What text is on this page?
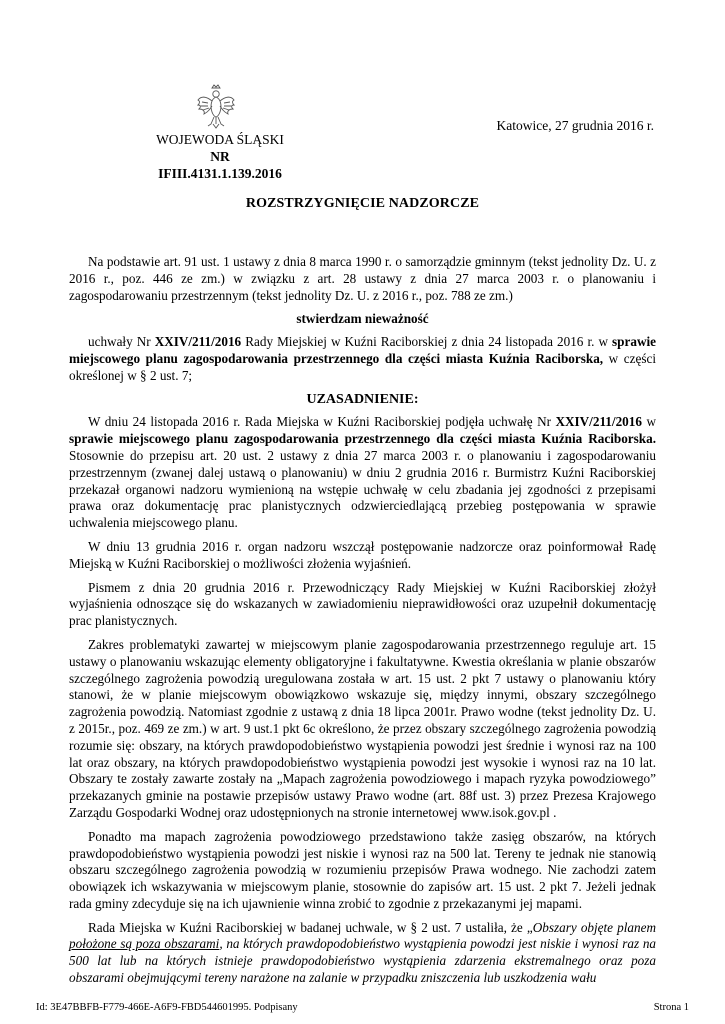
WOJEWODA ŚLĄSKI
NR IFIII.4131.1.139.2016
Katowice, 27 grudnia 2016 r.
ROZSTRZYGNIĘCIE NADZORCZE

Na podstawie art. 91 ust. 1 ustawy z dnia 8 marca 1990 r. o samorządzie gminnym (tekst jednolity Dz. U. z 2016 r., poz. 446 ze zm.) w związku z art. 28 ustawy z dnia 27 marca 2003 r. o planowaniu i zagospodarowaniu przestrzennym (tekst jednolity Dz. U. z 2016 r., poz. 788 ze zm.)

stwierdzam nieważność

uchwały Nr XXIV/211/2016 Rady Miejskiej w Kuźni Raciborskiej z dnia 24 listopada 2016 r. w sprawie miejscowego planu zagospodarowania przestrzennego dla części miasta Kuźnia Raciborska, w części określonej w § 2 ust. 7;

UZASADNIENIE:

W dniu 24 listopada 2016 r. Rada Miejska w Kuźni Raciborskiej podjęła uchwałę Nr XXIV/211/2016 w sprawie miejscowego planu zagospodarowania przestrzennego dla części miasta Kuźnia Raciborska. Stosownie do przepisu art. 20 ust. 2 ustawy z dnia 27 marca 2003 r. o planowaniu i zagospodarowaniu przestrzennym (zwanej dalej ustawą o planowaniu) w dniu 2 grudnia 2016 r. Burmistrz Kuźni Raciborskiej przekazał organowi nadzoru wymienioną na wstępie uchwałę w celu zbadania jej zgodności z przepisami prawa oraz dokumentację prac planistycznych odzwierciedlającą przebieg postępowania w sprawie uchwalenia miejscowego planu.

W dniu 13 grudnia 2016 r. organ nadzoru wszczął postępowanie nadzorcze oraz poinformował Radę Miejską w Kuźni Raciborskiej o możliwości złożenia wyjaśnień.

Pismem z dnia 20 grudnia 2016 r. Przewodniczący Rady Miejskiej w Kuźni Raciborskiej złożył wyjaśnienia odnoszące się do wskazanych w zawiadomieniu nieprawidłowości oraz uzupełnił dokumentację prac planistycznych.

Zakres problematyki zawartej w miejscowym planie zagospodarowania przestrzennego reguluje art. 15 ustawy o planowaniu wskazując elementy obligatoryjne i fakultatywne. Kwestia określania w planie obszarów szczególnego zagrożenia powodzią uregulowana została w art. 15 ust. 2 pkt 7 ustawy o planowaniu który stanowi, że w planie miejscowym obowiązkowo wskazuje się, między innymi, obszary szczególnego zagrożenia powodzią. Natomiast zgodnie z ustawą z dnia 18 lipca 2001r. Prawo wodne (tekst jednolity Dz. U. z 2015r., poz. 469 ze zm.) w art. 9 ust.1 pkt 6c określono, że przez obszary szczególnego zagrożenia powodzią rozumie się: obszary, na których prawdopodobieństwo wystąpienia powodzi jest średnie i wynosi raz na 100 lat oraz obszary, na których prawdopodobieństwo wystąpienia powodzi jest wysokie i wynosi raz na 10 lat. Obszary te zostały zawarte zostały na „Mapach zagrożenia powodziowego i mapach ryzyka powodziowego” przekazanych gminie na postawie przepisów ustawy Prawo wodne (art. 88f ust. 3) przez Prezesa Krajowego Zarządu Gospodarki Wodnej oraz udostępnionych na stronie internetowej www.isok.gov.pl .

Ponadto ma mapach zagrożenia powodziowego przedstawiono także zasięg obszarów, na których prawdopodobieństwo wystąpienia powodzi jest niskie i wynosi raz na 500 lat. Tereny te jednak nie stanowią obszaru szczególnego zagrożenia powodzią w rozumieniu przepisów Prawa wodnego. Nie zachodzi zatem obowiązek ich wskazywania w miejscowym planie, stosownie do zapisów art. 15 ust. 2 pkt 7. Jeżeli jednak rada gminy zdecyduje się na ich ujawnienie winna zrobić to zgodnie z przekazanymi jej mapami.

Rada Miejska w Kuźni Raciborskiej w badanej uchwale, w § 2 ust. 7 ustaliła, że „Obszary objęte planem położone są poza obszarami, na których prawdopodobieństwo wystąpienia powodzi jest niskie i wynosi raz na 500 lat lub na których istnieje prawdopodobieństwo wystąpienia zdarzenia ekstremalnego oraz poza obszarami obejmującymi tereny narażone na zalanie w przypadku zniszczenia lub uszkodzenia wału

Id: 3E47BBFB-F779-466E-A6F9-FBD544601995. Podpisany	Strona 1
